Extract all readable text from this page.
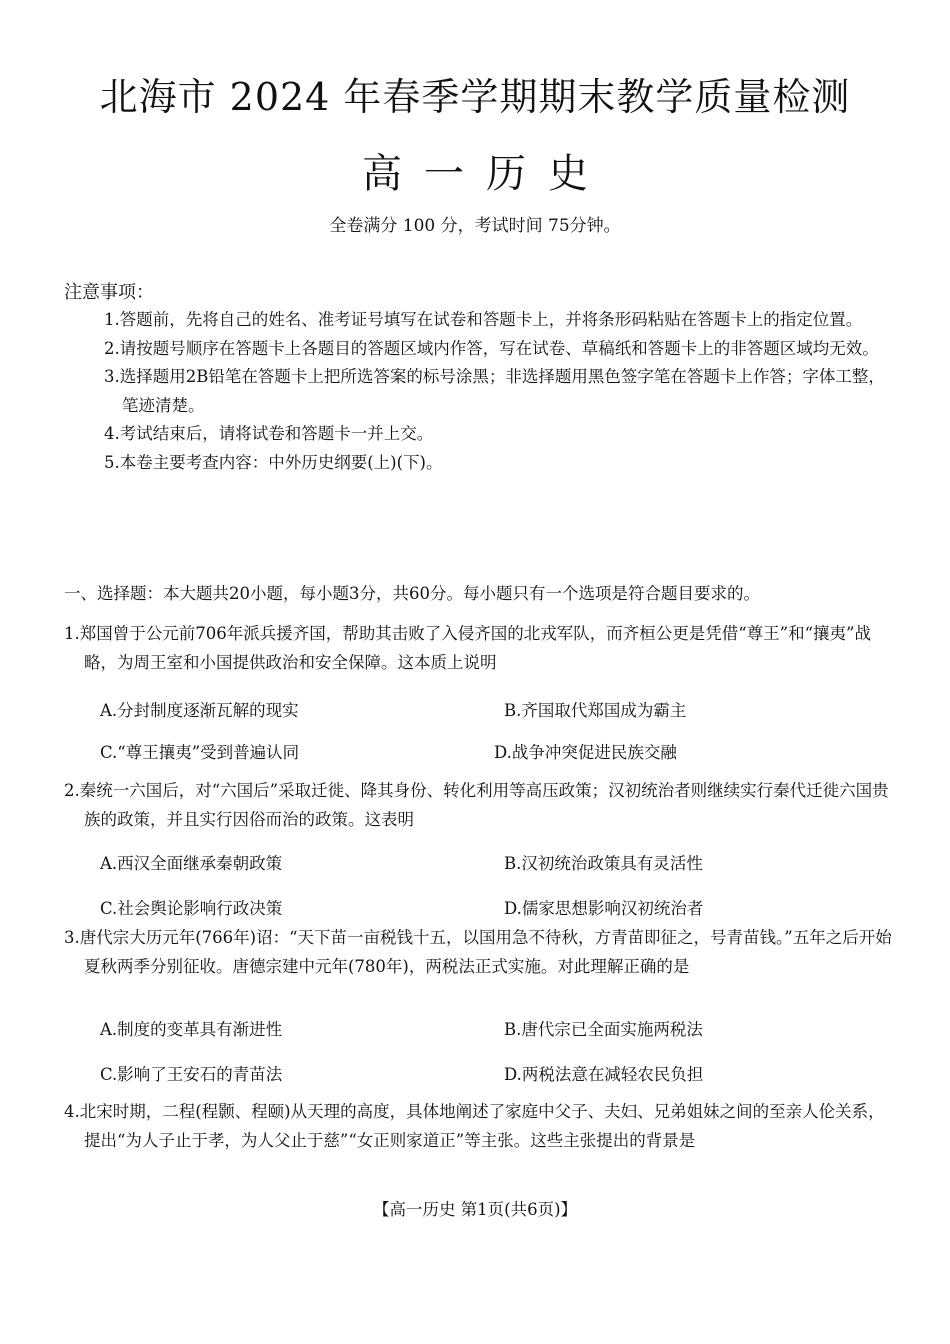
北海市 2024 年春季学期期末教学质量检测
高一历史
全卷满分 100 分，考试时间 75分钟。
注意事项：

1.答题前，先将自己的姓名、准考证号填写在试卷和答题卡上，并将条形码粘贴在答题卡上的指定位置。

2.请按题号顺序在答题卡上各题目的答题区域内作答，写在试卷、草稿纸和答题卡上的非答题区域均无效。

3.选择题用2B铅笔在答题卡上把所选答案的标号涂黑；非选择题用黑色签字笔在答题卡上作答；字体工整，笔迹清楚。

4.考试结束后，请将试卷和答题卡一并上交。

5.本卷主要考查内容：中外历史纲要(上)(下)。

一、选择题：本大题共20小题，每小题3分，共60分。每小题只有一个选项是符合题目要求的。
1.郑国曾于公元前706年派兵援齐国，帮助其击败了入侵齐国的北戎军队，而齐桓公更是凭借“尊王”和“攘夷”战略，为周王室和小国提供政治和安全保障。这本质上说明
A.分封制度逐渐瓦解的现实	B.齐国取代郑国成为霸主
C.“尊王攘夷”受到普遍认同	D.战争冲突促进民族交融
2.秦统一六国后，对“六国后”采取迁徙、降其身份、转化利用等高压政策；汉初统治者则继续实行秦代迁徙六国贵族的政策，并且实行因俗而治的政策。这表明
A.西汉全面继承秦朝政策	B.汉初统治政策具有灵活性
C.社会舆论影响行政决策	D.儒家思想影响汉初统治者
3.唐代宗大历元年(766年)诏：“天下苗一亩税钱十五，以国用急不待秋，方青苗即征之，号青苗钱。”五年之后开始夏秋两季分别征收。唐德宗建中元年(780年)，两税法正式实施。对此理解正确的是
A.制度的变革具有渐进性	B.唐代宗已全面实施两税法
C.影响了王安石的青苗法	D.两税法意在减轻农民负担
4.北宋时期，二程(程颢、程颐)从天理的高度，具体地阐述了家庭中父子、夫妇、兄弟姐妹之间的至亲人伦关系，提出“为人子止于孝，为人父止于慈”“女正则家道正”等主张。这些主张提出的背景是
【高一历史 第1页(共6页)】
